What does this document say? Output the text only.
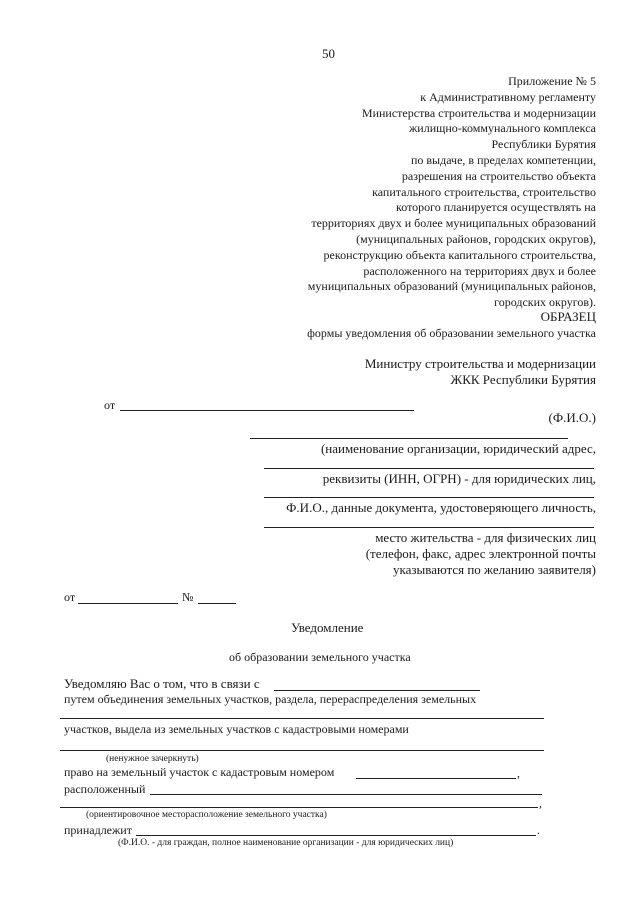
50
Приложение № 5
к Административному регламенту
Министерства строительства и модернизации
жилищно-коммунального комплекса
Республики Бурятия
по выдаче, в пределах компетенции,
разрешения на строительство объекта
капитального строительства, строительство
которого планируется осуществлять на
территориях двух и более муниципальных образований
(муниципальных районов, городских округов),
реконструкцию объекта капитального строительства,
расположенного на территориях двух и более
муниципальных образований (муниципальных районов,
городских округов).
ОБРАЗЕЦ
формы уведомления об образовании земельного участка
Министру строительства и модернизации
ЖКК Республики Бурятия
от
(Ф.И.О.)
(наименование организации, юридический адрес,
реквизиты (ИНН, ОГРН) - для юридических лиц,
Ф.И.О., данные документа, удостоверяющего личность,
место жительства - для физических лиц
(телефон, факс, адрес электронной почты
указываются по желанию заявителя)
от	№
Уведомление
об образовании земельного участка
Уведомляю Вас о том, что в связи с
путем объединения земельных участков, раздела, перераспределения земельных
участков, выдела из земельных участков с кадастровыми номерами
(ненужное зачеркнуть)
право на земельный участок с кадастровым номером	,
расположенный
,
(ориентировочное месторасположение земельного участка)
принадлежит	.
(Ф.И.О. - для граждан, полное наименование организации - для юридических лиц)
